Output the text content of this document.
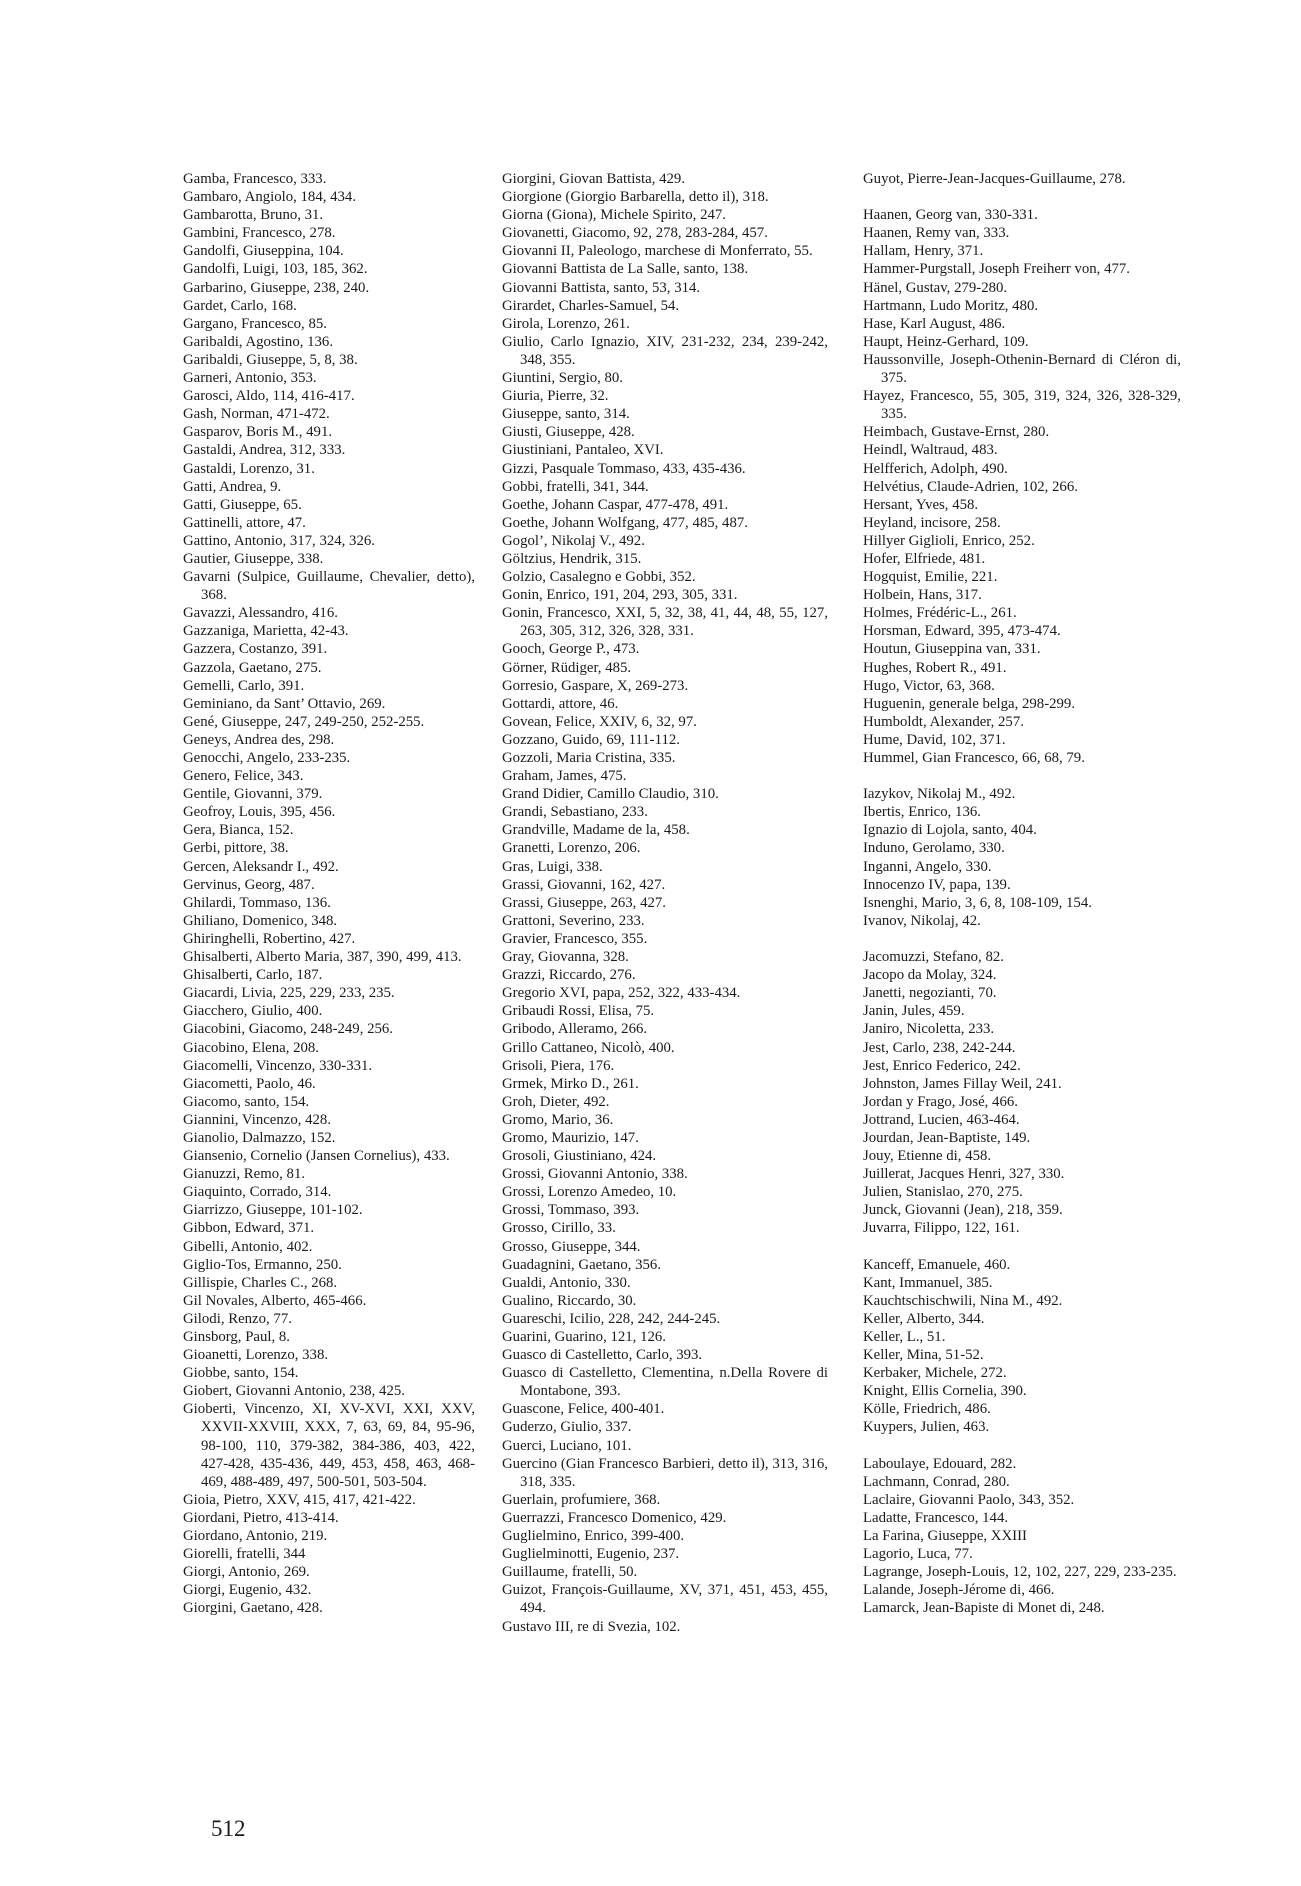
Gamba, Francesco, 333.
Gambaro, Angiolo, 184, 434.
Gambarotta, Bruno, 31.
Gambini, Francesco, 278.
Gandolfi, Giuseppina, 104.
Gandolfi, Luigi, 103, 185, 362.
Garbarino, Giuseppe, 238, 240.
Gardet, Carlo, 168.
Gargano, Francesco, 85.
Garibaldi, Agostino, 136.
Garibaldi, Giuseppe, 5, 8, 38.
Garneri, Antonio, 353.
Garosci, Aldo, 114, 416-417.
Gash, Norman, 471-472.
Gasparov, Boris M., 491.
Gastaldi, Andrea, 312, 333.
Gastaldi, Lorenzo, 31.
Gatti, Andrea, 9.
Gatti, Giuseppe, 65.
Gattinelli, attore, 47.
Gattino, Antonio, 317, 324, 326.
Gautier, Giuseppe, 338.
Gavarni (Sulpice, Guillaume, Chevalier, detto), 368.
Gavazzi, Alessandro, 416.
Gazzaniga, Marietta, 42-43.
Gazzera, Costanzo, 391.
Gazzola, Gaetano, 275.
Gemelli, Carlo, 391.
Geminiano, da Sant’ Ottavio, 269.
Gené, Giuseppe, 247, 249-250, 252-255.
Geneys, Andrea des, 298.
Genocchi, Angelo, 233-235.
Genero, Felice, 343.
Gentile, Giovanni, 379.
Geofroy, Louis, 395, 456.
Gera, Bianca, 152.
Gerbi, pittore, 38.
Gercen, Aleksandr I., 492.
Gervinus, Georg, 487.
Ghilardi, Tommaso, 136.
Ghiliano, Domenico, 348.
Ghiringhelli, Robertino, 427.
Ghisalberti, Alberto Maria, 387, 390, 499, 413.
Ghisalberti, Carlo, 187.
Giacardi, Livia, 225, 229, 233, 235.
Giacchero, Giulio, 400.
Giacobini, Giacomo, 248-249, 256.
Giacobino, Elena, 208.
Giacomelli, Vincenzo, 330-331.
Giacometti, Paolo, 46.
Giacomo, santo, 154.
Giannini, Vincenzo, 428.
Gianolio, Dalmazzo, 152.
Giansenio, Cornelio (Jansen Cornelius), 433.
Gianuzzi, Remo, 81.
Giaquinto, Corrado, 314.
Giarrizzo, Giuseppe, 101-102.
Gibbon, Edward, 371.
Gibelli, Antonio, 402.
Giglio-Tos, Ermanno, 250.
Gillispie, Charles C., 268.
Gil Novales, Alberto, 465-466.
Gilodi, Renzo, 77.
Ginsborg, Paul, 8.
Gioanetti, Lorenzo, 338.
Giobbe, santo, 154.
Giobert, Giovanni Antonio, 238, 425.
Gioberti, Vincenzo, XI, XV-XVI, XXI, XXV, XXVII-XXVIII, XXX, 7, 63, 69, 84, 95-96, 98-100, 110, 379-382, 384-386, 403, 422, 427-428, 435-436, 449, 453, 458, 463, 468-469, 488-489, 497, 500-501, 503-504.
Gioia, Pietro, XXV, 415, 417, 421-422.
Giordani, Pietro, 413-414.
Giordano, Antonio, 219.
Giorelli, fratelli, 344
Giorgi, Antonio, 269.
Giorgi, Eugenio, 432.
Giorgini, Gaetano, 428.
Giorgini, Giovan Battista, 429.
Giorgione (Giorgio Barbarella, detto il), 318.
Giorna (Giona), Michele Spirito, 247.
Giovanetti, Giacomo, 92, 278, 283-284, 457.
Giovanni II, Paleologo, marchese di Monferrato, 55.
Giovanni Battista de La Salle, santo, 138.
Giovanni Battista, santo, 53, 314.
Girardet, Charles-Samuel, 54.
Girola, Lorenzo, 261.
Giulio, Carlo Ignazio, XIV, 231-232, 234, 239-242, 348, 355.
Giuntini, Sergio, 80.
Giuria, Pierre, 32.
Giuseppe, santo, 314.
Giusti, Giuseppe, 428.
Giustiniani, Pantaleo, XVI.
Gizzi, Pasquale Tommaso, 433, 435-436.
Gobbi, fratelli, 341, 344.
Goethe, Johann Caspar, 477-478, 491.
Goethe, Johann Wolfgang, 477, 485, 487.
Gogol’, Nikolaj V., 492.
Göltzius, Hendrik, 315.
Golzio, Casalegno e Gobbi, 352.
Gonin, Enrico, 191, 204, 293, 305, 331.
Gonin, Francesco, XXI, 5, 32, 38, 41, 44, 48, 55, 127, 263, 305, 312, 326, 328, 331.
Gooch, George P., 473.
Görner, Rüdiger, 485.
Gorresio, Gaspare, X, 269-273.
Gottardi, attore, 46.
Govean, Felice, XXIV, 6, 32, 97.
Gozzano, Guido, 69, 111-112.
Gozzoli, Maria Cristina, 335.
Graham, James, 475.
Grand Didier, Camillo Claudio, 310.
Grandi, Sebastiano, 233.
Grandville, Madame de la, 458.
Granetti, Lorenzo, 206.
Gras, Luigi, 338.
Grassi, Giovanni, 162, 427.
Grassi, Giuseppe, 263, 427.
Grattoni, Severino, 233.
Gravier, Francesco, 355.
Gray, Giovanna, 328.
Grazzi, Riccardo, 276.
Gregorio XVI, papa, 252, 322, 433-434.
Gribaudi Rossi, Elisa, 75.
Gribodo, Alleramo, 266.
Grillo Cattaneo, Nicolò, 400.
Grisoli, Piera, 176.
Grmek, Mirko D., 261.
Groh, Dieter, 492.
Gromo, Mario, 36.
Gromo, Maurizio, 147.
Grosoli, Giustiniano, 424.
Grossi, Giovanni Antonio, 338.
Grossi, Lorenzo Amedeo, 10.
Grossi, Tommaso, 393.
Grosso, Cirillo, 33.
Grosso, Giuseppe, 344.
Guadagnini, Gaetano, 356.
Gualdi, Antonio, 330.
Gualino, Riccardo, 30.
Guareschi, Icilio, 228, 242, 244-245.
Guarini, Guarino, 121, 126.
Guasco di Castelletto, Carlo, 393.
Guasco di Castelletto, Clementina, n.Della Rovere di Montabone, 393.
Guascone, Felice, 400-401.
Guderzo, Giulio, 337.
Guerci, Luciano, 101.
Guercino (Gian Francesco Barbieri, detto il), 313, 316, 318, 335.
Guerlain, profumiere, 368.
Guerrazzi, Francesco Domenico, 429.
Guglielmino, Enrico, 399-400.
Guglielminotti, Eugenio, 237.
Guillaume, fratelli, 50.
Guizot, François-Guillaume, XV, 371, 451, 453, 455, 494.
Gustavo III, re di Svezia, 102.
Guyot, Pierre-Jean-Jacques-Guillaume, 278.
Haanen, Georg van, 330-331.
Haanen, Remy van, 333.
Hallam, Henry, 371.
Hammer-Purgstall, Joseph Freiherr von, 477.
Hänel, Gustav, 279-280.
Hartmann, Ludo Moritz, 480.
Hase, Karl August, 486.
Haupt, Heinz-Gerhard, 109.
Haussonville, Joseph-Othenin-Bernard di Cléron di, 375.
Hayez, Francesco, 55, 305, 319, 324, 326, 328-329, 335.
Heimbach, Gustave-Ernst, 280.
Heindl, Waltraud, 483.
Helfferich, Adolph, 490.
Helvétius, Claude-Adrien, 102, 266.
Hersant, Yves, 458.
Heyland, incisore, 258.
Hillyer Giglioli, Enrico, 252.
Hofer, Elfriede, 481.
Hogquist, Emilie, 221.
Holbein, Hans, 317.
Holmes, Frédéric-L., 261.
Horsman, Edward, 395, 473-474.
Houtun, Giuseppina van, 331.
Hughes, Robert R., 491.
Hugo, Victor, 63, 368.
Huguenin, generale belga, 298-299.
Humboldt, Alexander, 257.
Hume, David, 102, 371.
Hummel, Gian Francesco, 66, 68, 79.
Iazykov, Nikolaj M., 492.
Ibertis, Enrico, 136.
Ignazio di Lojola, santo, 404.
Induno, Gerolamo, 330.
Inganni, Angelo, 330.
Innocenzo IV, papa, 139.
Isnenghi, Mario, 3, 6, 8, 108-109, 154.
Ivanov, Nikolaj, 42.
Jacomuzzi, Stefano, 82.
Jacopo da Molay, 324.
Janetti, negozianti, 70.
Janin, Jules, 459.
Janiro, Nicoletta, 233.
Jest, Carlo, 238, 242-244.
Jest, Enrico Federico, 242.
Johnston, James Fillay Weil, 241.
Jordan y Frago, José, 466.
Jottrand, Lucien, 463-464.
Jourdan, Jean-Baptiste, 149.
Jouy, Etienne di, 458.
Juillerat, Jacques Henri, 327, 330.
Julien, Stanislao, 270, 275.
Junck, Giovanni (Jean), 218, 359.
Juvarra, Filippo, 122, 161.
Kanceff, Emanuele, 460.
Kant, Immanuel, 385.
Kauchtschischwili, Nina M., 492.
Keller, Alberto, 344.
Keller, L., 51.
Keller, Mina, 51-52.
Kerbaker, Michele, 272.
Knight, Ellis Cornelia, 390.
Kölle, Friedrich, 486.
Kuypers, Julien, 463.
Laboulaye, Edouard, 282.
Lachmann, Conrad, 280.
Laclaire, Giovanni Paolo, 343, 352.
Ladatte, Francesco, 144.
La Farina, Giuseppe, XXIII
Lagorio, Luca, 77.
Lagrange, Joseph-Louis, 12, 102, 227, 229, 233-235.
Lalande, Joseph-Jérome di, 466.
Lamarck, Jean-Bapiste di Monet di, 248.
512
